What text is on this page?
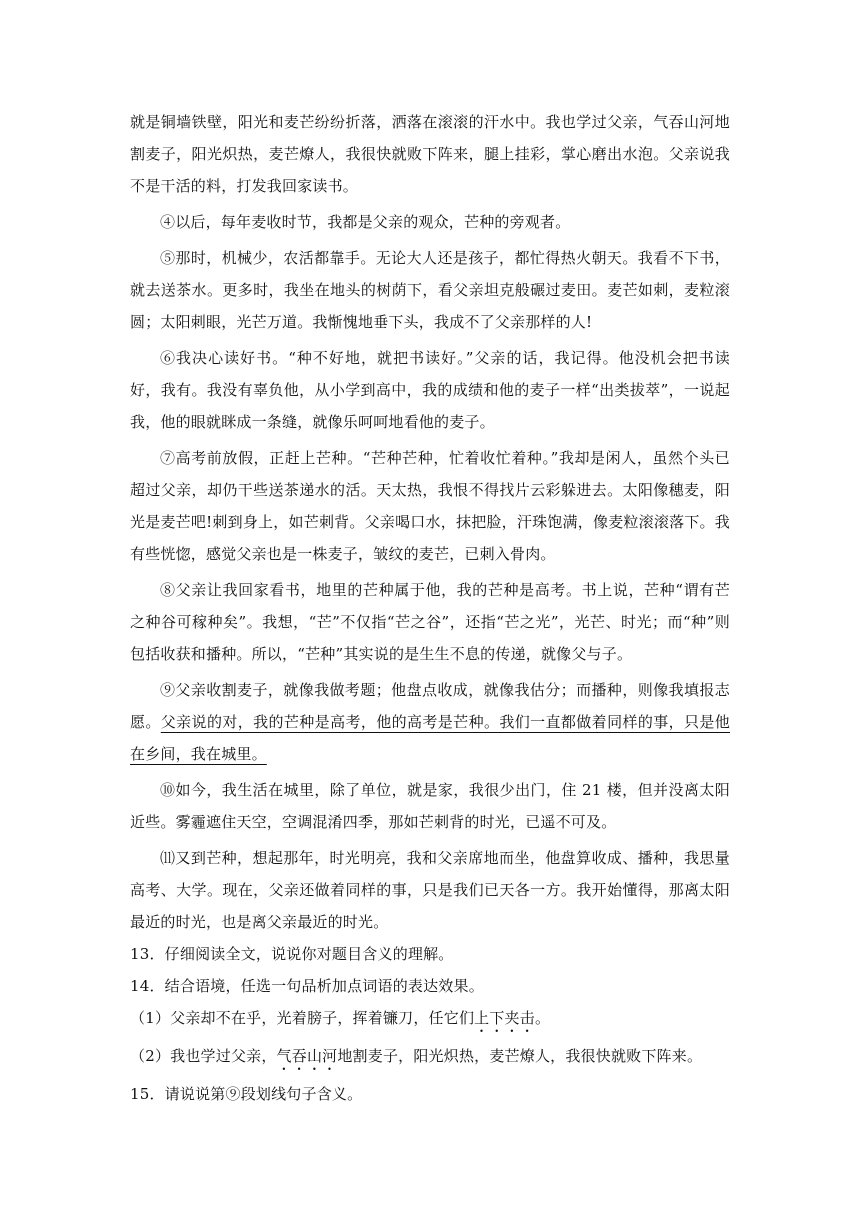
就是铜墙铁壁，阳光和麦芒纷纷折落，洒落在滚滚的汗水中。我也学过父亲，气吞山河地割麦子，阳光炽热，麦芒燎人，我很快就败下阵来，腿上挂彩，掌心磨出水泡。父亲说我不是干活的料，打发我回家读书。

④以后，每年麦收时节，我都是父亲的观众，芒种的旁观者。

⑤那时，机械少，农活都靠手。无论大人还是孩子，都忙得热火朝天。我看不下书，就去送茶水。更多时，我坐在地头的树荫下，看父亲坦克般碾过麦田。麦芒如刺，麦粒滚圆；太阳刺眼，光芒万道。我惭愧地垂下头，我成不了父亲那样的人!

⑥我决心读好书。“种不好地，就把书读好。”父亲的话，我记得。他没机会把书读好，我有。我没有辜负他，从小学到高中，我的成绩和他的麦子一样“出类拔萃”，一说起我，他的眼就眯成一条缝，就像乐呵呵地看他的麦子。

⑦高考前放假，正赶上芒种。“芒种芒种，忙着收忙着种。”我却是闲人，虽然个头已超过父亲，却仍干些送茶递水的活。天太热，我恨不得找片云彩躲进去。太阳像穗麦，阳光是麦芒吧!刺到身上，如芒刺背。父亲喝口水，抹把脸，汗珠饱满，像麦粒滚滚落下。我有些恍惚，感觉父亲也是一株麦子，皱纹的麦芒，已刺入骨肉。

⑧父亲让我回家看书，地里的芒种属于他，我的芒种是高考。书上说，芒种“谓有芒之种谷可稼种矣”。我想，“芒”不仅指“芒之谷”，还指“芒之光”，光芒、时光；而“种”则包括收获和播种。所以，“芒种”其实说的是生生不息的传递，就像父与子。

⑨父亲收割麦子，就像我做考题；他盘点收成，就像我估分；而播种，则像我填报志愿。父亲说的对，我的芒种是高考，他的高考是芒种。我们一直都做着同样的事，只是他在乡间，我在城里。

⑩如今，我生活在城里，除了单位，就是家，我很少出门，住 21 楼，但并没离太阳近些。雾霾遮住天空，空调混淆四季，那如芒刺背的时光，已遥不可及。

⑾又到芒种，想起那年，时光明亮，我和父亲席地而坐，他盘算收成、播种，我思量高考、大学。现在，父亲还做着同样的事，只是我们已天各一方。我开始懂得，那离太阳最近的时光，也是离父亲最近的时光。

13．仔细阅读全文，说说你对题目含义的理解。

14．结合语境，任选一句品析加点词语的表达效果。

（1）父亲却不在乎，光着膀子，挥着镰刀，任它们上下夹击。

（2）我也学过父亲，气吞山河地割麦子，阳光炽热，麦芒燎人，我很快就败下阵来。

15．请说说第⑨段划线句子含义。
